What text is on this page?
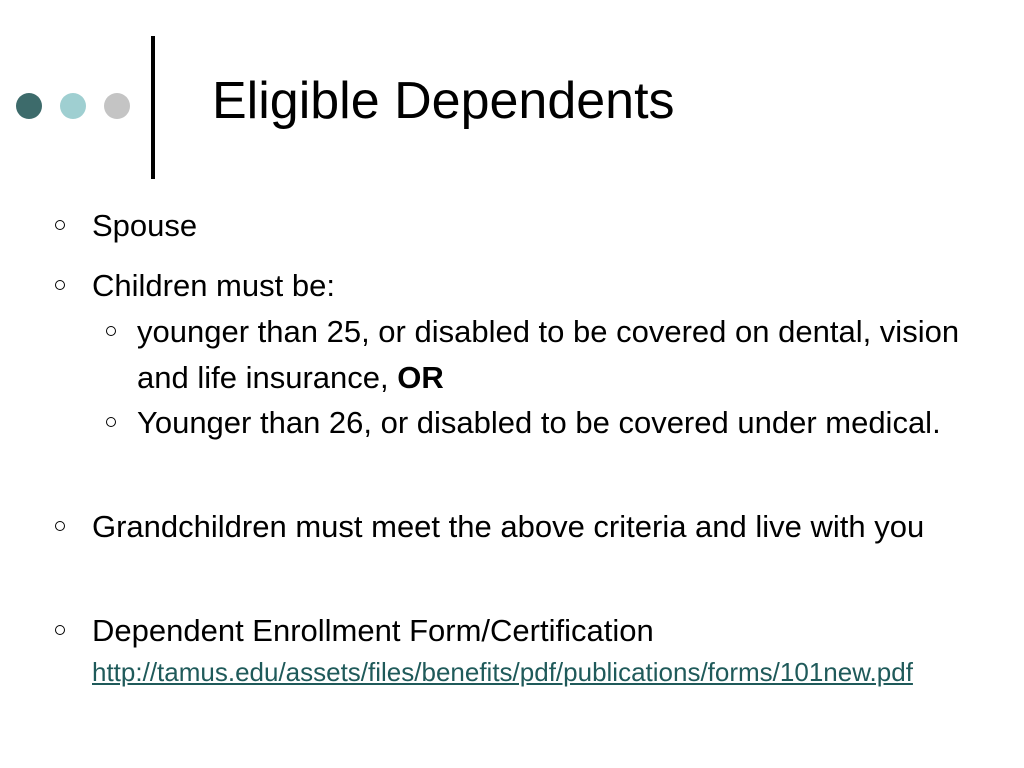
Eligible Dependents
Spouse
Children must be:
younger than 25, or disabled to be covered on dental, vision and life insurance, OR
Younger than 26, or disabled to be covered under medical.
Grandchildren must meet the above criteria and live with you
Dependent Enrollment Form/Certification
http://tamus.edu/assets/files/benefits/pdf/publications/forms/101new.pdf
